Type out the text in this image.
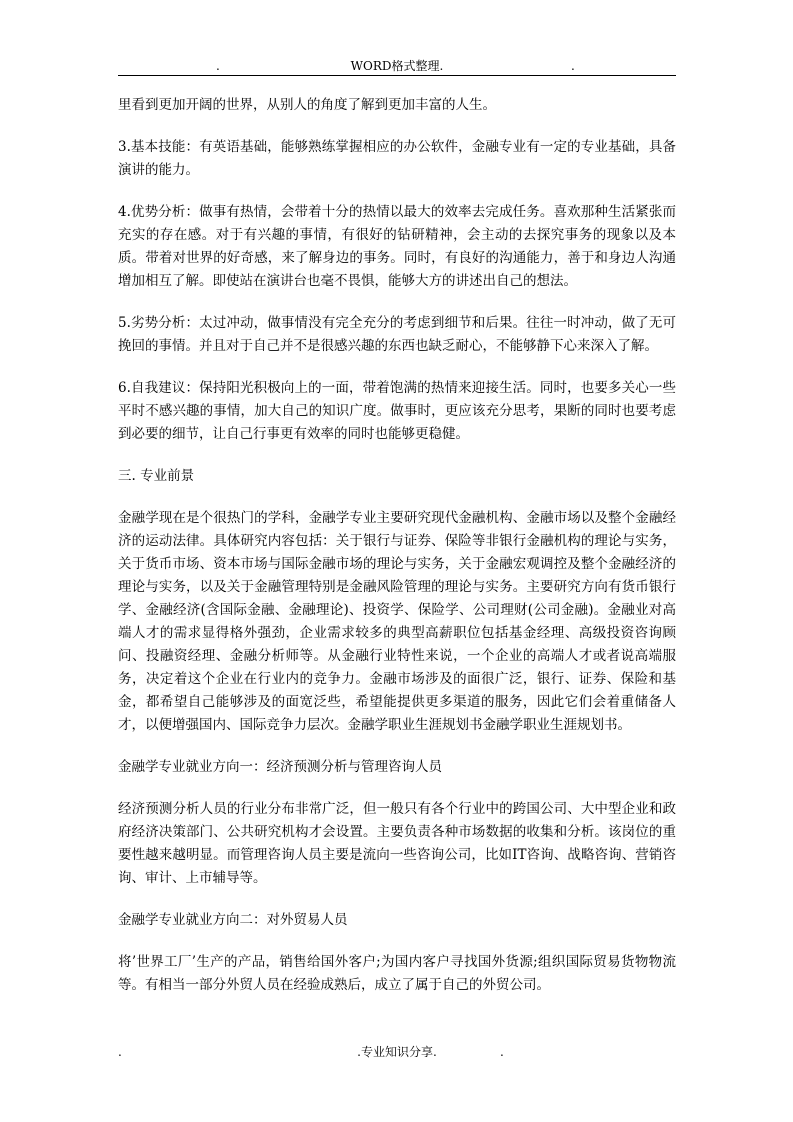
.	WORD格式整理.	.

里看到更加开阔的世界，从别人的角度了解到更加丰富的人生。

3.基本技能：有英语基础，能够熟练掌握相应的办公软件，金融专业有一定的专业基础，具备演讲的能力。

4.优势分析：做事有热情，会带着十分的热情以最大的效率去完成任务。喜欢那种生活紧张而充实的存在感。对于有兴趣的事情，有很好的钻研精神，会主动的去探究事务的现象以及本质。带着对世界的好奇感，来了解身边的事务。同时，有良好的沟通能力，善于和身边人沟通增加相互了解。即使站在演讲台也毫不畏惧，能够大方的讲述出自己的想法。

5.劣势分析：太过冲动，做事情没有完全充分的考虑到细节和后果。往往一时冲动，做了无可挽回的事情。并且对于自己并不是很感兴趣的东西也缺乏耐心，不能够静下心来深入了解。

6.自我建议：保持阳光积极向上的一面，带着饱满的热情来迎接生活。同时，也要多关心一些平时不感兴趣的事情，加大自己的知识广度。做事时，更应该充分思考，果断的同时也要考虑到必要的细节，让自己行事更有效率的同时也能够更稳健。

三. 专业前景

金融学现在是个很热门的学科，金融学专业主要研究现代金融机构、金融市场以及整个金融经济的运动法律。具体研究内容包括：关于银行与证券、保险等非银行金融机构的理论与实务，关于货币市场、资本市场与国际金融市场的理论与实务，关于金融宏观调控及整个金融经济的理论与实务，以及关于金融管理特别是金融风险管理的理论与实务。主要研究方向有货币银行学、金融经济(含国际金融、金融理论)、投资学、保险学、公司理财(公司金融)。金融业对高端人才的需求显得格外强劲，企业需求较多的典型高薪职位包括基金经理、高级投资咨询顾问、投融资经理、金融分析师等。从金融行业特性来说，一个企业的高端人才或者说高端服务，决定着这个企业在行业内的竞争力。金融市场涉及的面很广泛，银行、证券、保险和基金，都希望自己能够涉及的面宽泛些，希望能提供更多渠道的服务，因此它们会着重储备人才，以便增强国内、国际竞争力层次。金融学职业生涯规划书金融学职业生涯规划书。

金融学专业就业方向一：经济预测分析与管理咨询人员

经济预测分析人员的行业分布非常广泛，但一般只有各个行业中的跨国公司、大中型企业和政府经济决策部门、公共研究机构才会设置。主要负责各种市场数据的收集和分析。该岗位的重要性越来越明显。而管理咨询人员主要是流向一些咨询公司，比如IT咨询、战略咨询、营销咨询、审计、上市辅导等。

金融学专业就业方向二：对外贸易人员

将’世界工厂’生产的产品，销售给国外客户;为国内客户寻找国外货源;组织国际贸易货物物流等。有相当一部分外贸人员在经验成熟后，成立了属于自己的外贸公司。

.	.专业知识分享.	.
